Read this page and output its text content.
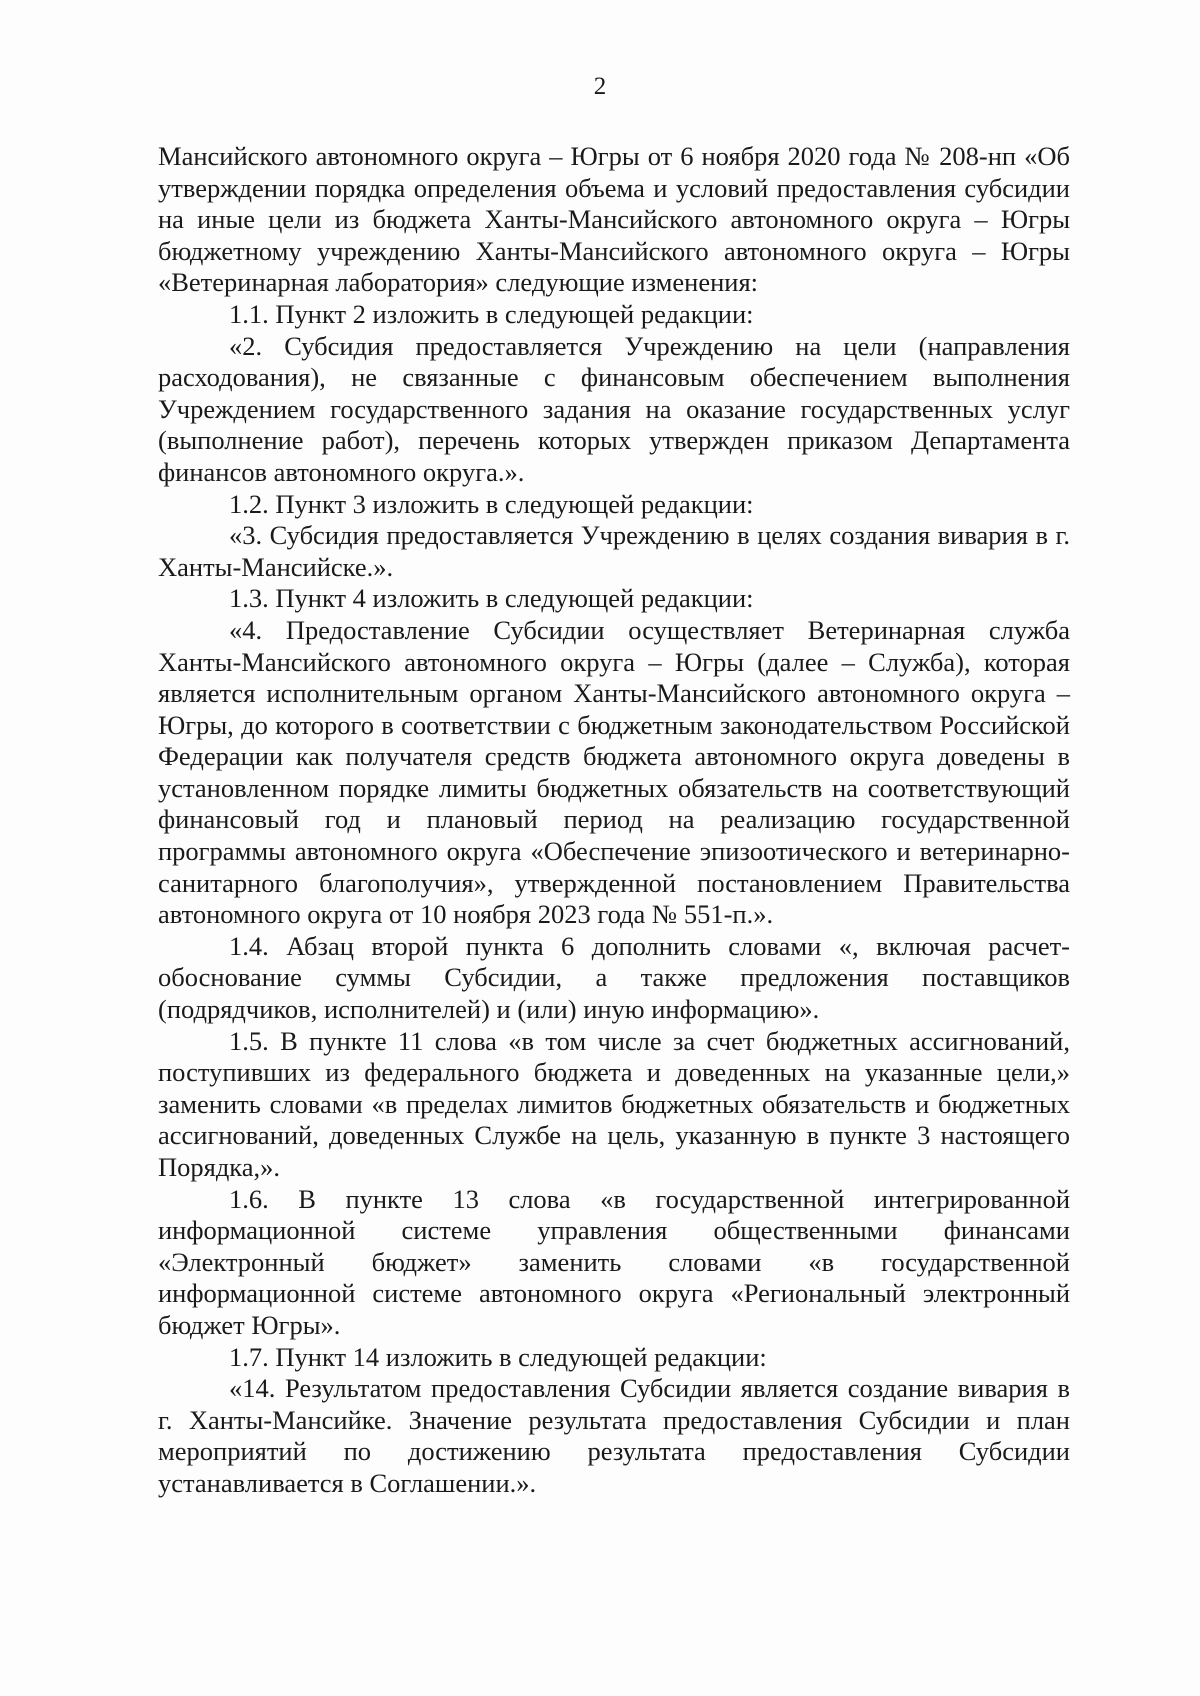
2

Мансийского автономного округа – Югры от 6 ноября 2020 года № 208-нп «Об утверждении порядка определения объема и условий предоставления субсидии на иные цели из бюджета Ханты-Мансийского автономного округа – Югры бюджетному учреждению Ханты-Мансийского автономного округа – Югры «Ветеринарная лаборатория» следующие изменения:

1.1. Пункт 2 изложить в следующей редакции:

«2. Субсидия предоставляется Учреждению на цели (направления расходования), не связанные с финансовым обеспечением выполнения Учреждением государственного задания на оказание государственных услуг (выполнение работ), перечень которых утвержден приказом Департамента финансов автономного округа.».

1.2. Пункт 3 изложить в следующей редакции:

«3. Субсидия предоставляется Учреждению в целях создания вивария в г. Ханты-Мансийске.».

1.3. Пункт 4 изложить в следующей редакции:

«4. Предоставление Субсидии осуществляет Ветеринарная служба Ханты-Мансийского автономного округа – Югры (далее – Служба), которая является исполнительным органом Ханты-Мансийского автономного округа – Югры, до которого в соответствии с бюджетным законодательством Российской Федерации как получателя средств бюджета автономного округа доведены в установленном порядке лимиты бюджетных обязательств на соответствующий финансовый год и плановый период на реализацию государственной программы автономного округа «Обеспечение эпизоотического и ветеринарно-санитарного благополучия», утвержденной постановлением Правительства автономного округа от 10 ноября 2023 года № 551-п.».

1.4. Абзац второй пункта 6 дополнить словами «, включая расчет-обоснование суммы Субсидии, а также предложения поставщиков (подрядчиков, исполнителей) и (или) иную информацию».

1.5. В пункте 11 слова «в том числе за счет бюджетных ассигнований, поступивших из федерального бюджета и доведенных на указанные цели,» заменить словами «в пределах лимитов бюджетных обязательств и бюджетных ассигнований, доведенных Службе на цель, указанную в пункте 3 настоящего Порядка,».

1.6. В пункте 13 слова «в государственной интегрированной информационной системе управления общественными финансами «Электронный бюджет» заменить словами «в государственной информационной системе автономного округа «Региональный электронный бюджет Югры».

1.7. Пункт 14 изложить в следующей редакции:

«14. Результатом предоставления Субсидии является создание вивария в г. Ханты-Мансийке. Значение результата предоставления Субсидии и план мероприятий по достижению результата предоставления Субсидии устанавливается в Соглашении.».
